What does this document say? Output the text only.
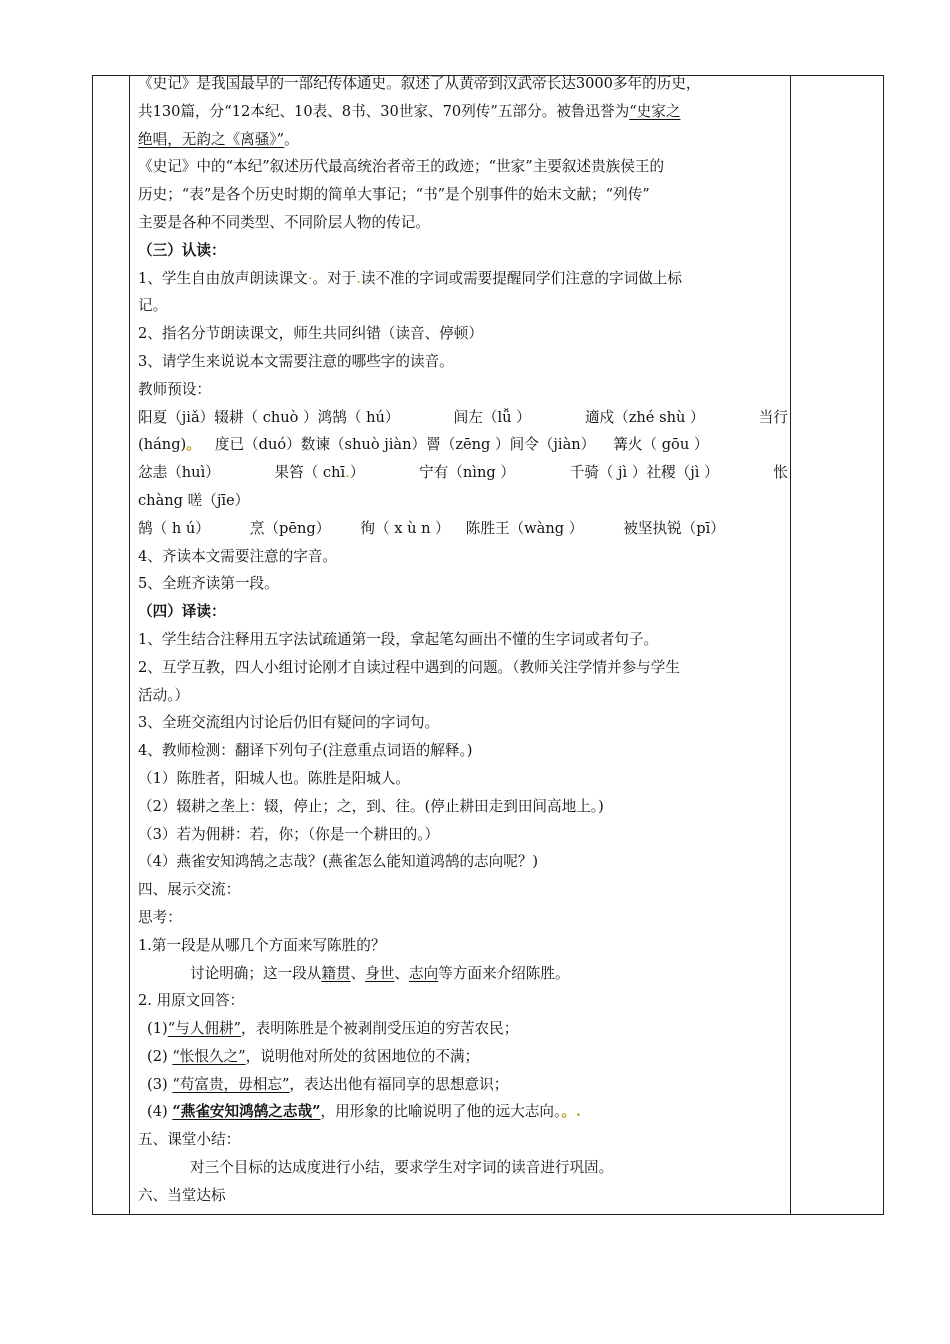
《史记》是我国最早的一部纪传体通史。叙述了从黄帝到汉武帝长达3000多年的历史，
共130篇，分“12本纪、10表、8书、30世家、70列传”五部分。被鲁迅誉为“史家之
绝唱，无韵之《离骚》”。
《史记》中的“本纪”叙述历代最高统治者帝王的政迹；“世家”主要叙述贵族侯王的
历史；“表”是各个历史时期的简单大事记；“书”是个别事件的始末文献；“列传”
主要是各种不同类型、不同阶层人物的传记。
（三）认读：
1、学生自由放声朗读课文·。对于.读不准的字词或需要提醒同学们注意的字词做上标
记。
2、指名分节朗读课文，师生共同纠错（读音、停顿）
3、请学生来说说本文需要注意的哪些字的读音。
教师预设：
阳夏（jiǎ）辍耕（ chuò ）鸿鹄（ hú）	闾左（lǚ ）	適戍（zhé shù ）	当行
(háng)。 度已（duó）数谏（shuò jiàn）罾（zēng ）间令（jiàn） 篝火（ gōu ）
忿恚（huì）	果笞（ chī.）	宁有（nìng ）	千骑（ jì ）社稷（jì ）	怅
chàng 嗟（jīe）
鹄（ h ú）	烹（pēng） 徇（ x ù n ） 陈胜王（wàng ）	被坚执锐（pī）
4、齐读本文需要注意的字音。
5、全班齐读第一段。
（四）译读：
1、学生结合注释用五字法试疏通第一段，拿起笔勾画出不懂的生字词或者句子。
2、互学互教，四人小组讨论刚才自读过程中遇到的问题。（教师关注学情并参与学生
活动。）
3、全班交流组内讨论后仍旧有疑问的字词句。
4、教师检测：翻译下列句子(注意重点词语的解释。)
（1）陈胜者，阳城人也。陈胜是阳城人。
（2）辍耕之垄上：辍，停止；之，到、往。(停止耕田走到田间高地上。)
（3）若为佣耕：若，你；（你是一个耕田的。）
（4）燕雀安知鸿鹄之志哉？(燕雀怎么能知道鸿鹄的志向呢？)
四、展示交流：
思考：
1.第一段是从哪几个方面来写陈胜的？
讨论明确；这一段从籍贯、身世、志向等方面来介绍陈胜。
2. 用原文回答：
(1)“与人佣耕”，表明陈胜是个被剥削受压迫的穷苦农民；
(2) “怅恨久之”，说明他对所处的贫困地位的不满；
(3) “苟富贵，毋相忘”，表达出他有福同享的思想意识；
(4) “燕雀安知鸿鹄之志哉”，用形象的比喻说明了他的远大志向。。.
五、课堂小结：
对三个目标的达成度进行小结，要求学生对字词的读音进行巩固。
六、当堂达标
